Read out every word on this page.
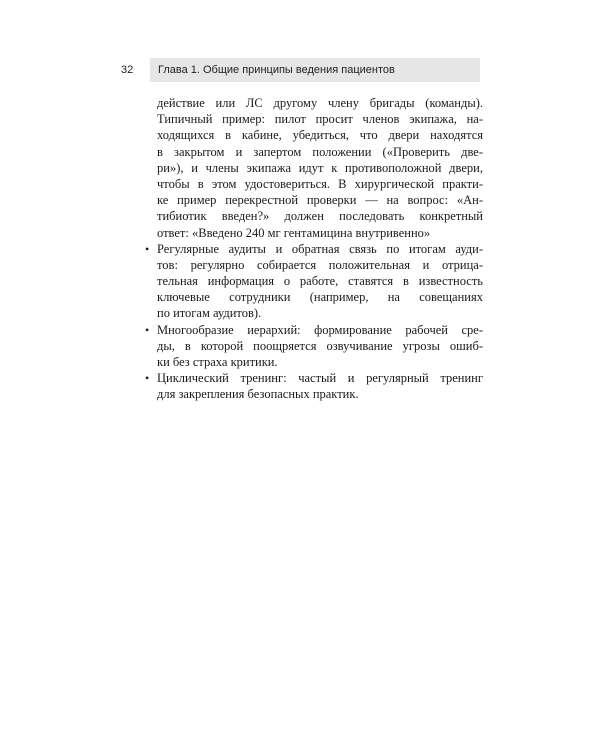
32	Глава 1. Общие принципы ведения пациентов
действие или ЛС другому члену бригады (команды).
Типичный пример: пилот просит членов экипажа, на-
ходящихся в кабине, убедиться, что двери находятся
в закрытом и запертом положении («Проверить две-
ри»), и члены экипажа идут к противоположной двери,
чтобы в этом удостовериться. В хирургической практи-
ке пример перекрестной проверки — на вопрос: «Ан-
тибиотик введен?» должен последовать конкретный
ответ: «Введено 240 мг гентамицина внутривенно»
• Регулярные аудиты и обратная связь по итогам ауди-
тов: регулярно собирается положительная и отрица-
тельная информация о работе, ставятся в известность
ключевые сотрудники (например, на совещаниях
по итогам аудитов).
• Многообразие иерархий: формирование рабочей сре-
ды, в которой поощряется озвучивание угрозы ошиб-
ки без страха критики.
• Циклический тренинг: частый и регулярный тренинг
для закрепления безопасных практик.
